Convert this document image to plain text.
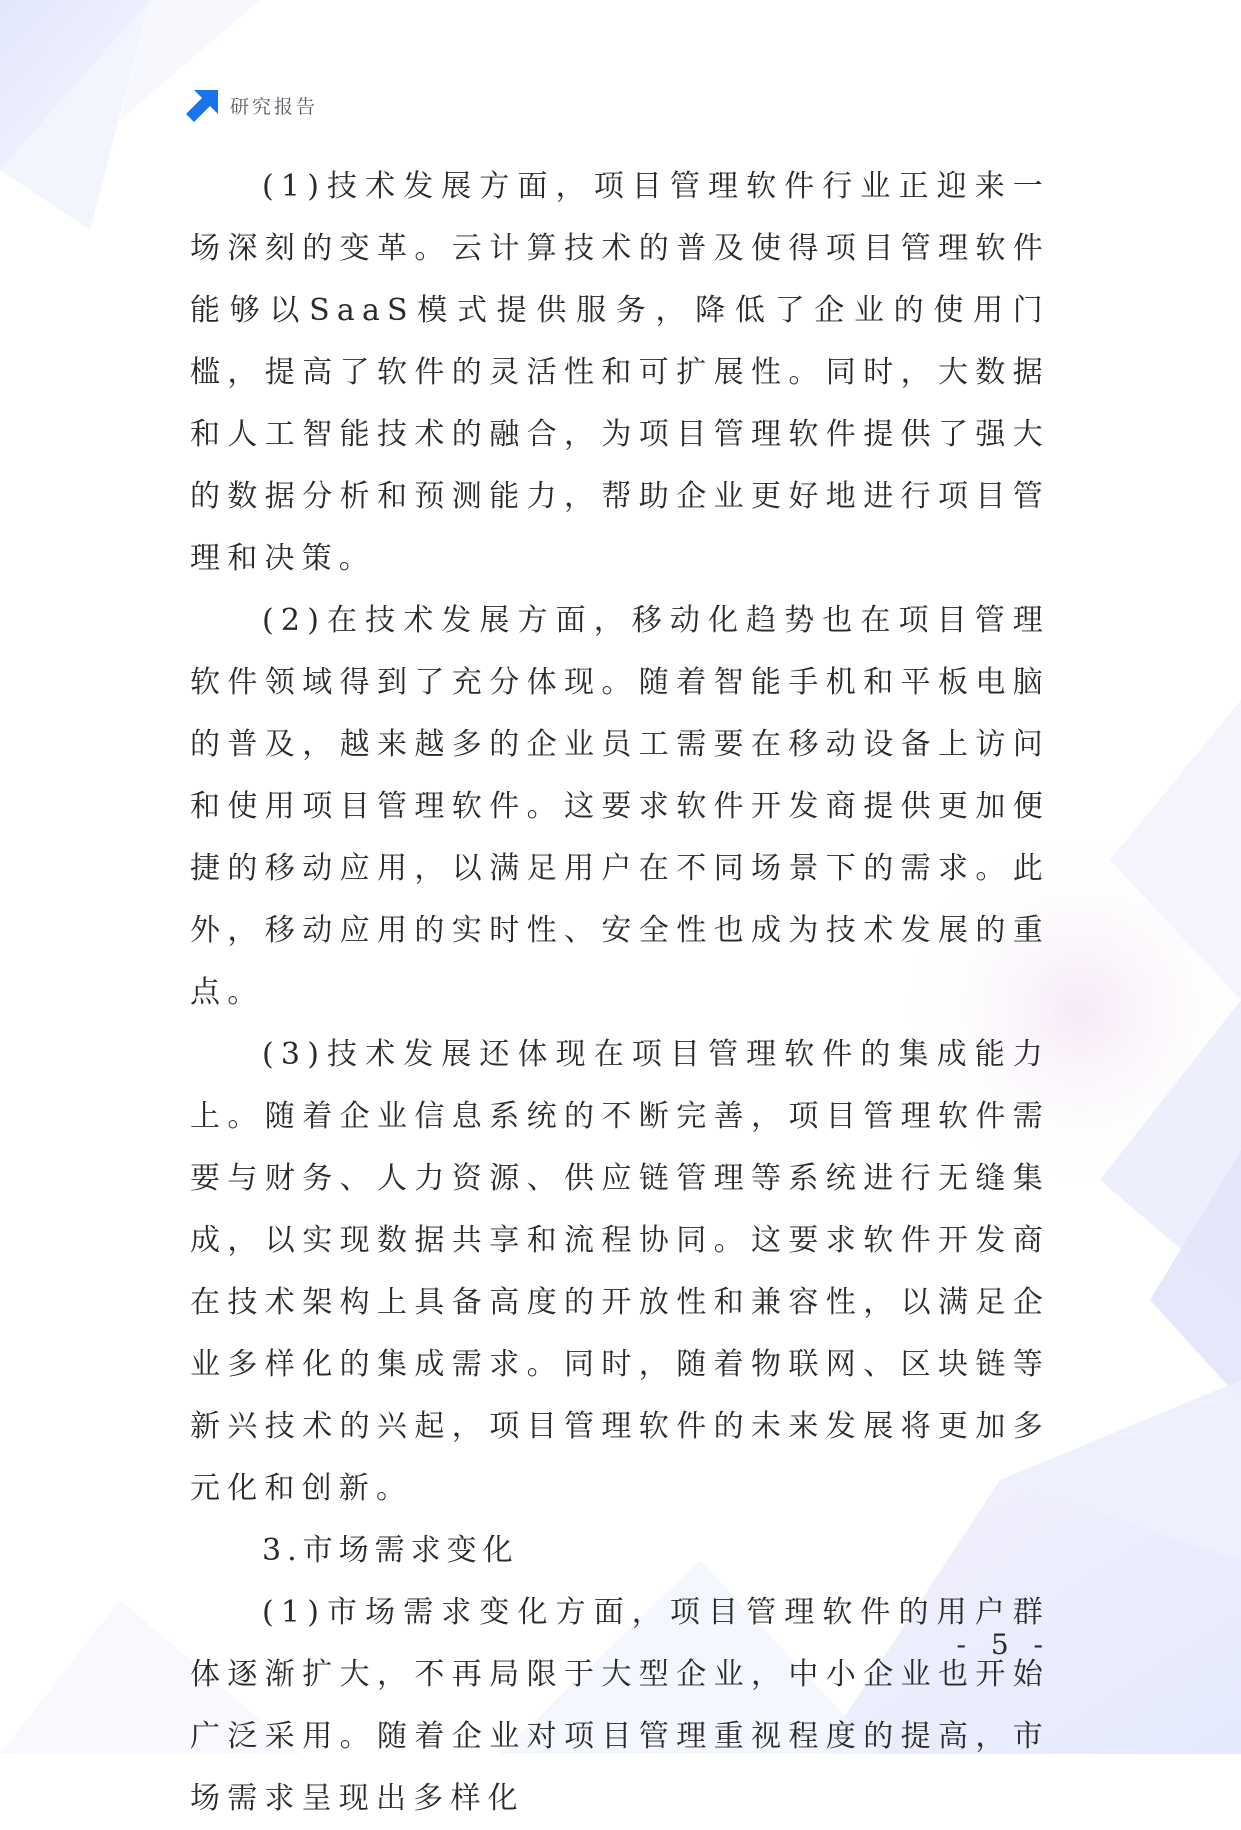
研究报告

(1)技术发展方面，项目管理软件行业正迎来一场深刻的变革。云计算技术的普及使得项目管理软件能够以SaaS模式提供服务，降低了企业的使用门槛，提高了软件的灵活性和可扩展性。同时，大数据和人工智能技术的融合，为项目管理软件提供了强大的数据分析和预测能力，帮助企业更好地进行项目管理和决策。

(2)在技术发展方面，移动化趋势也在项目管理软件领域得到了充分体现。随着智能手机和平板电脑的普及，越来越多的企业员工需要在移动设备上访问和使用项目管理软件。这要求软件开发商提供更加便捷的移动应用，以满足用户在不同场景下的需求。此外，移动应用的实时性、安全性也成为技术发展的重点。

(3)技术发展还体现在项目管理软件的集成能力上。随着企业信息系统的不断完善，项目管理软件需要与财务、人力资源、供应链管理等系统进行无缝集成，以实现数据共享和流程协同。这要求软件开发商在技术架构上具备高度的开放性和兼容性，以满足企业多样化的集成需求。同时，随着物联网、区块链等新兴技术的兴起，项目管理软件的未来发展将更加多元化和创新。

3.市场需求变化

(1)市场需求变化方面，项目管理软件的用户群体逐渐扩大，不再局限于大型企业，中小企业也开始广泛采用。随着企业对项目管理重视程度的提高，市场需求呈现出多样化

- 5 -
